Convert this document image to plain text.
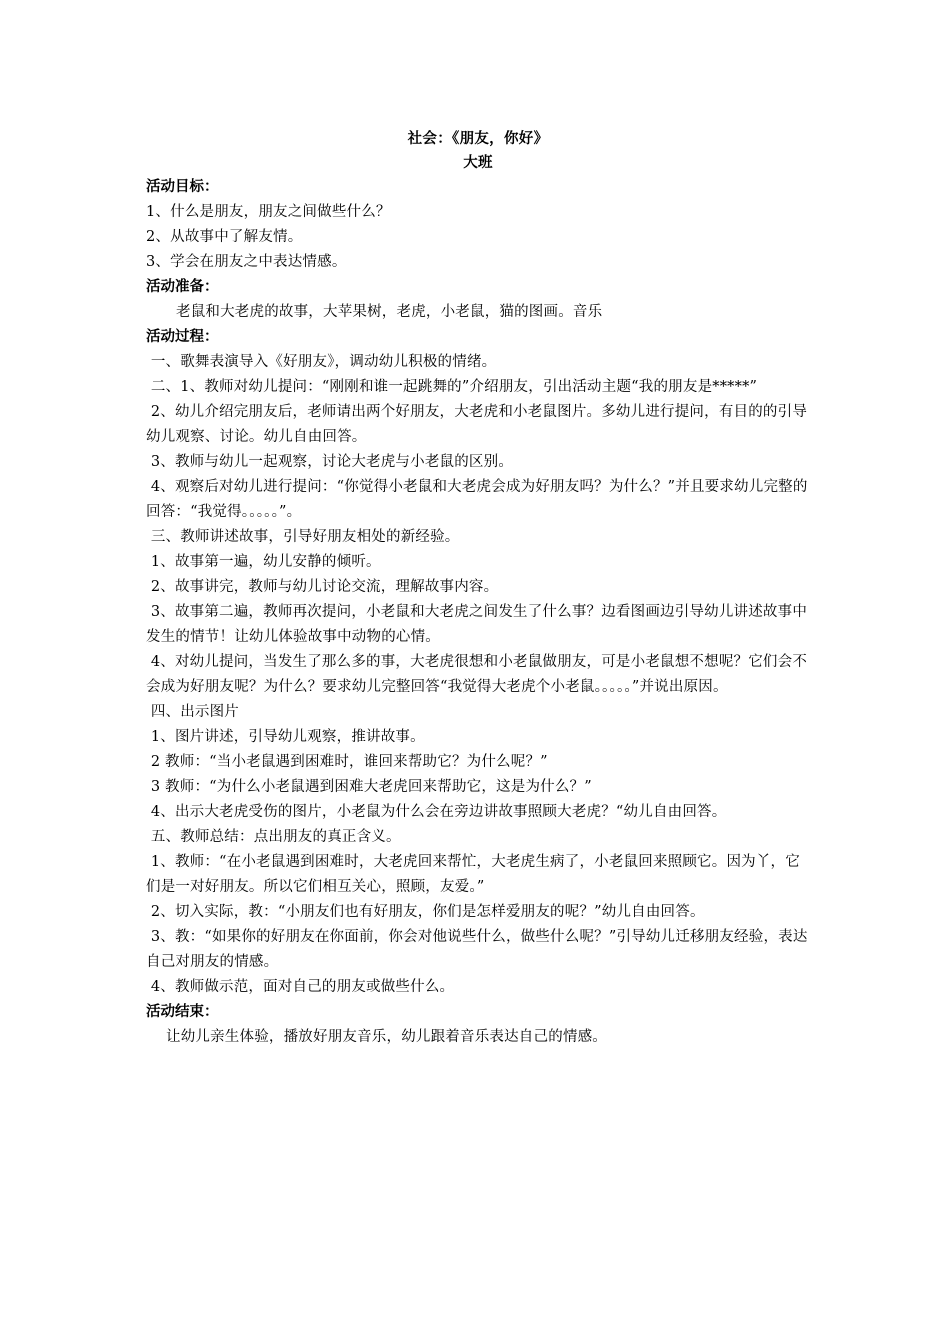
社会：《朋友，你好》
大班
活动目标：
1、什么是朋友，朋友之间做些什么？
2、从故事中了解友情。
3、学会在朋友之中表达情感。
活动准备：
老鼠和大老虎的故事，大苹果树，老虎，小老鼠，猫的图画。音乐
活动过程：
一、歌舞表演导入《好朋友》，调动幼儿积极的情绪。
二、1、教师对幼儿提问：“刚刚和谁一起跳舞的”介绍朋友，引出活动主题“我的朋友是*****”
2、幼儿介绍完朋友后，老师请出两个好朋友，大老虎和小老鼠图片。多幼儿进行提问，有目的的引导幼儿观察、讨论。幼儿自由回答。
3、教师与幼儿一起观察，讨论大老虎与小老鼠的区别。
4、观察后对幼儿进行提问：“你觉得小老鼠和大老虎会成为好朋友吗？为什么？”并且要求幼儿完整的回答：“我觉得。。。。。”。
三、教师讲述故事，引导好朋友相处的新经验。
1、故事第一遍，幼儿安静的倾听。
2、故事讲完，教师与幼儿讨论交流，理解故事内容。
3、故事第二遍，教师再次提问，小老鼠和大老虎之间发生了什么事？边看图画边引导幼儿讲述故事中发生的情节！让幼儿体验故事中动物的心情。
4、对幼儿提问，当发生了那么多的事，大老虎很想和小老鼠做朋友，可是小老鼠想不想呢？它们会不会成为好朋友呢？为什么？要求幼儿完整回答“我觉得大老虎个小老鼠。。。。。”并说出原因。
四、出示图片
1、图片讲述，引导幼儿观察，推讲故事。
2 教师：“当小老鼠遇到困难时，谁回来帮助它？为什么呢？”
3 教师：“为什么小老鼠遇到困难大老虎回来帮助它，这是为什么？”
4、出示大老虎受伤的图片，小老鼠为什么会在旁边讲故事照顾大老虎？“幼儿自由回答。
五、教师总结：点出朋友的真正含义。
1、教师：“在小老鼠遇到困难时，大老虎回来帮忙，大老虎生病了，小老鼠回来照顾它。因为丫，它们是一对好朋友。所以它们相互关心，照顾，友爱。”
2、切入实际，教：“小朋友们也有好朋友，你们是怎样爱朋友的呢？”幼儿自由回答。
3、教：“如果你的好朋友在你面前，你会对他说些什么，做些什么呢？”引导幼儿迁移朋友经验，表达自己对朋友的情感。
4、教师做示范，面对自己的朋友或做些什么。
活动结束：
让幼儿亲生体验，播放好朋友音乐，幼儿跟着音乐表达自己的情感。
